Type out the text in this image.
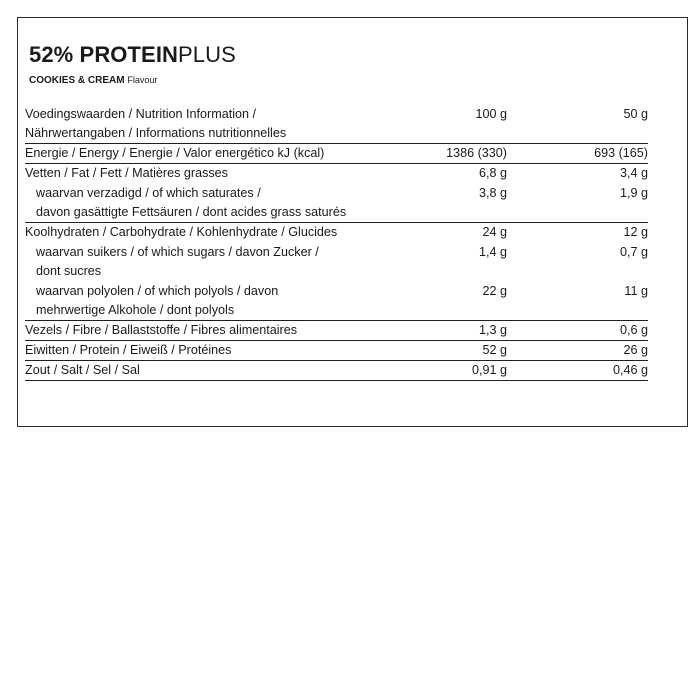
52% PROTEINPLUS
COOKIES & CREAM Flavour
Voedingswaarden / Nutrition Information /
Nährwertangaben / Informations nutritionnelles
100 g	50 g
Energie / Energy / Energie / Valor energético kJ (kcal)	1386 (330)	693 (165)
Vetten / Fat / Fett / Matières grasses	6,8 g	3,4 g
waarvan verzadigd / of which saturates /
davon gasättigte Fettsäuren / dont acides grass saturés
3,8 g	1,9 g
Koolhydraten / Carbohydrate / Kohlenhydrate / Glucides	24 g	12 g
waarvan suikers / of which sugars / davon Zucker /
dont sucres
1,4 g	0,7 g
waarvan polyolen / of which polyols / davon
mehrwertige Alkohole / dont polyols
22 g	11 g
Vezels / Fibre / Ballaststoffe / Fibres alimentaires	1,3 g	0,6 g
Eiwitten / Protein / Eiweiß / Protéines	52 g	26 g
Zout / Salt / Sel / Sal	0,91 g	0,46 g
